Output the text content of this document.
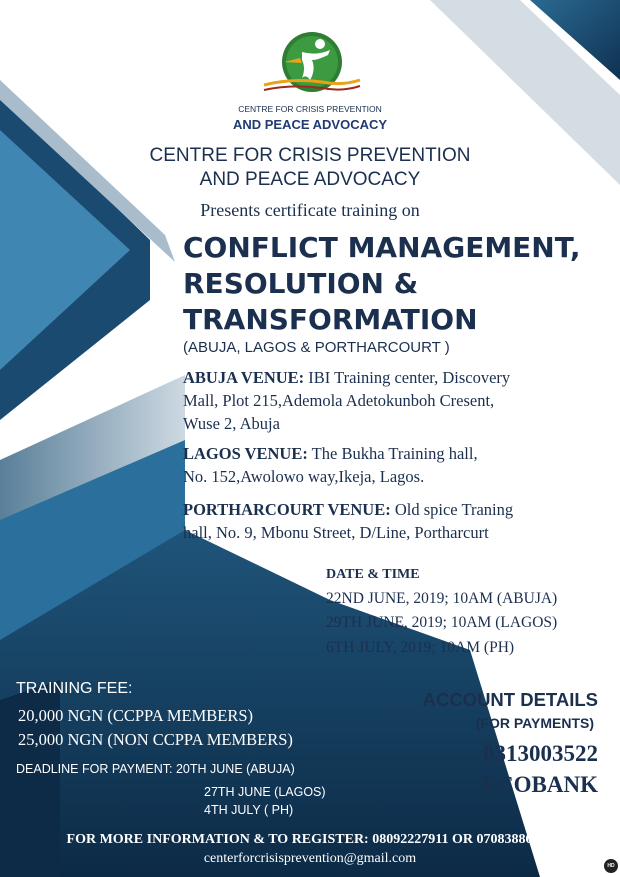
CENTRE FOR CRISIS PREVENTION

AND PEACE ADVOCACY

CENTRE FOR CRISIS PREVENTION

AND PEACE ADVOCACY

Presents certificate training on

CONFLICT MANAGEMENT,

RESOLUTION &

TRANSFORMATION

(ABUJA, LAGOS & PORTHARCOURT )

ABUJA VENUE: IBI Training center, Discovery
Mall, Plot 215,Ademola Adetokunboh Cresent,
Wuse 2, Abuja
LAGOS VENUE: The Bukha Training hall,
No. 152,Awolowo way,Ikeja, Lagos.
PORTHARCOURT VENUE: Old spice Traning
hall, No. 9, Mbonu Street, D/Line, Portharcurt

DATE & TIME

22ND JUNE, 2019; 10AM (ABUJA)

29TH JUNE, 2019; 10AM (LAGOS)

6TH JULY, 2019; 10AM (PH)

TRAINING FEE:

20,000 NGN (CCPPA MEMBERS)

25,000 NGN (NON CCPPA MEMBERS)

DEADLINE FOR PAYMENT: 20TH JUNE (ABUJA)

27TH JUNE (LAGOS)

4TH JULY ( PH)

ACCOUNT DETAILS

(FOR PAYMENTS)

0313003522

ECOBANK

FOR MORE INFORMATION & TO REGISTER: 08092227911 OR 07083886662

centerforcrisisprevention@gmail.com	HD
